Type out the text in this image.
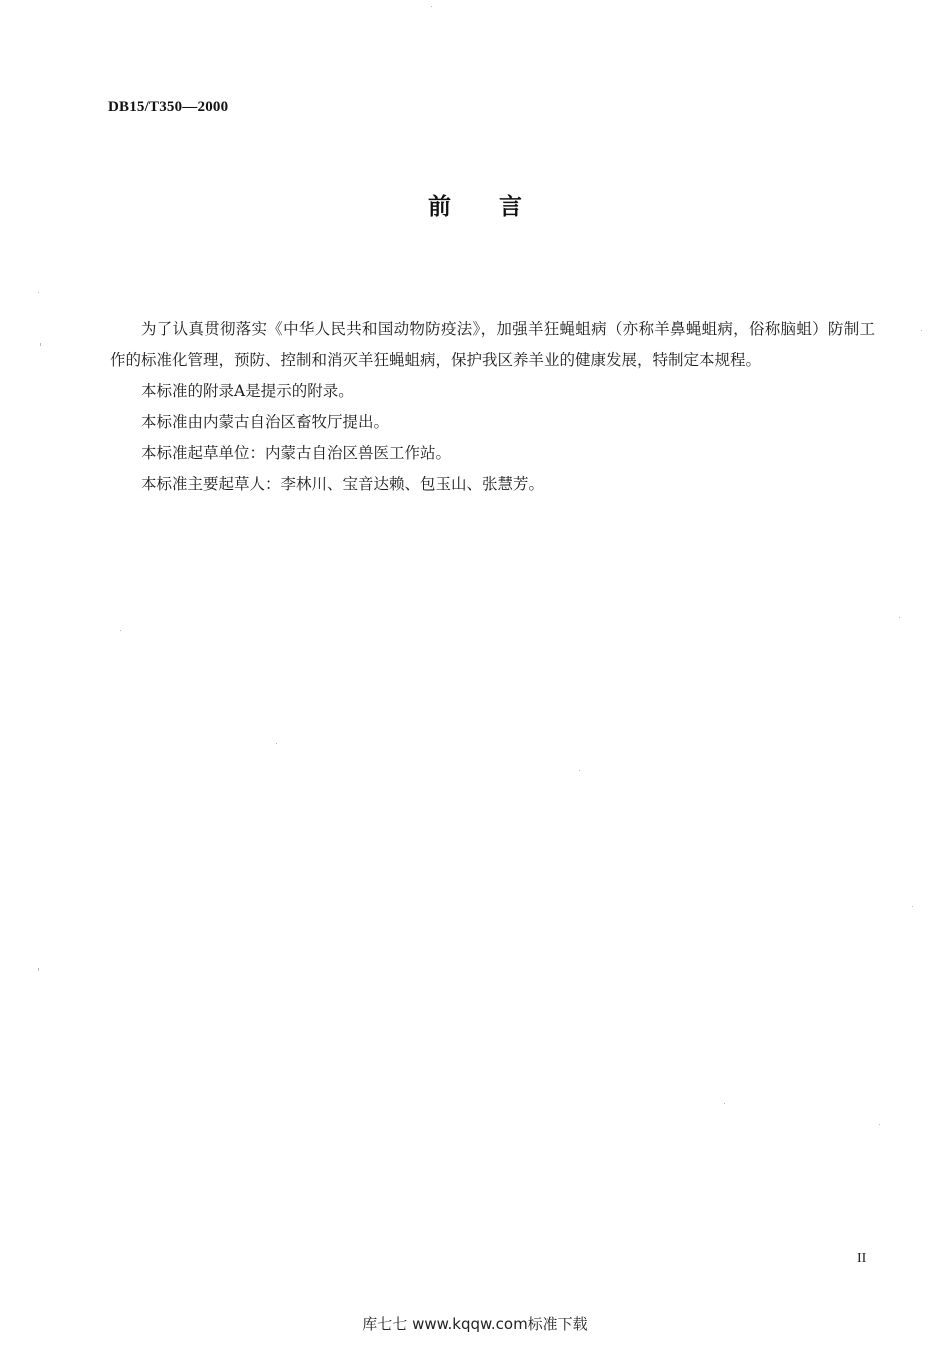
DB15/T350—2000
前 言

为了认真贯彻落实《中华人民共和国动物防疫法》，加强羊狂蝇蛆病（亦称羊鼻蝇蛆病，俗称脑蛆）防制工作的标准化管理，预防、控制和消灭羊狂蝇蛆病，保护我区养羊业的健康发展，特制定本规程。

本标准的附录A是提示的附录。

本标准由内蒙古自治区畜牧厅提出。

本标准起草单位：内蒙古自治区兽医工作站。

本标准主要起草人：李林川、宝音达赖、包玉山、张慧芳。

II
库七七 www.kqqw.com标准下载
